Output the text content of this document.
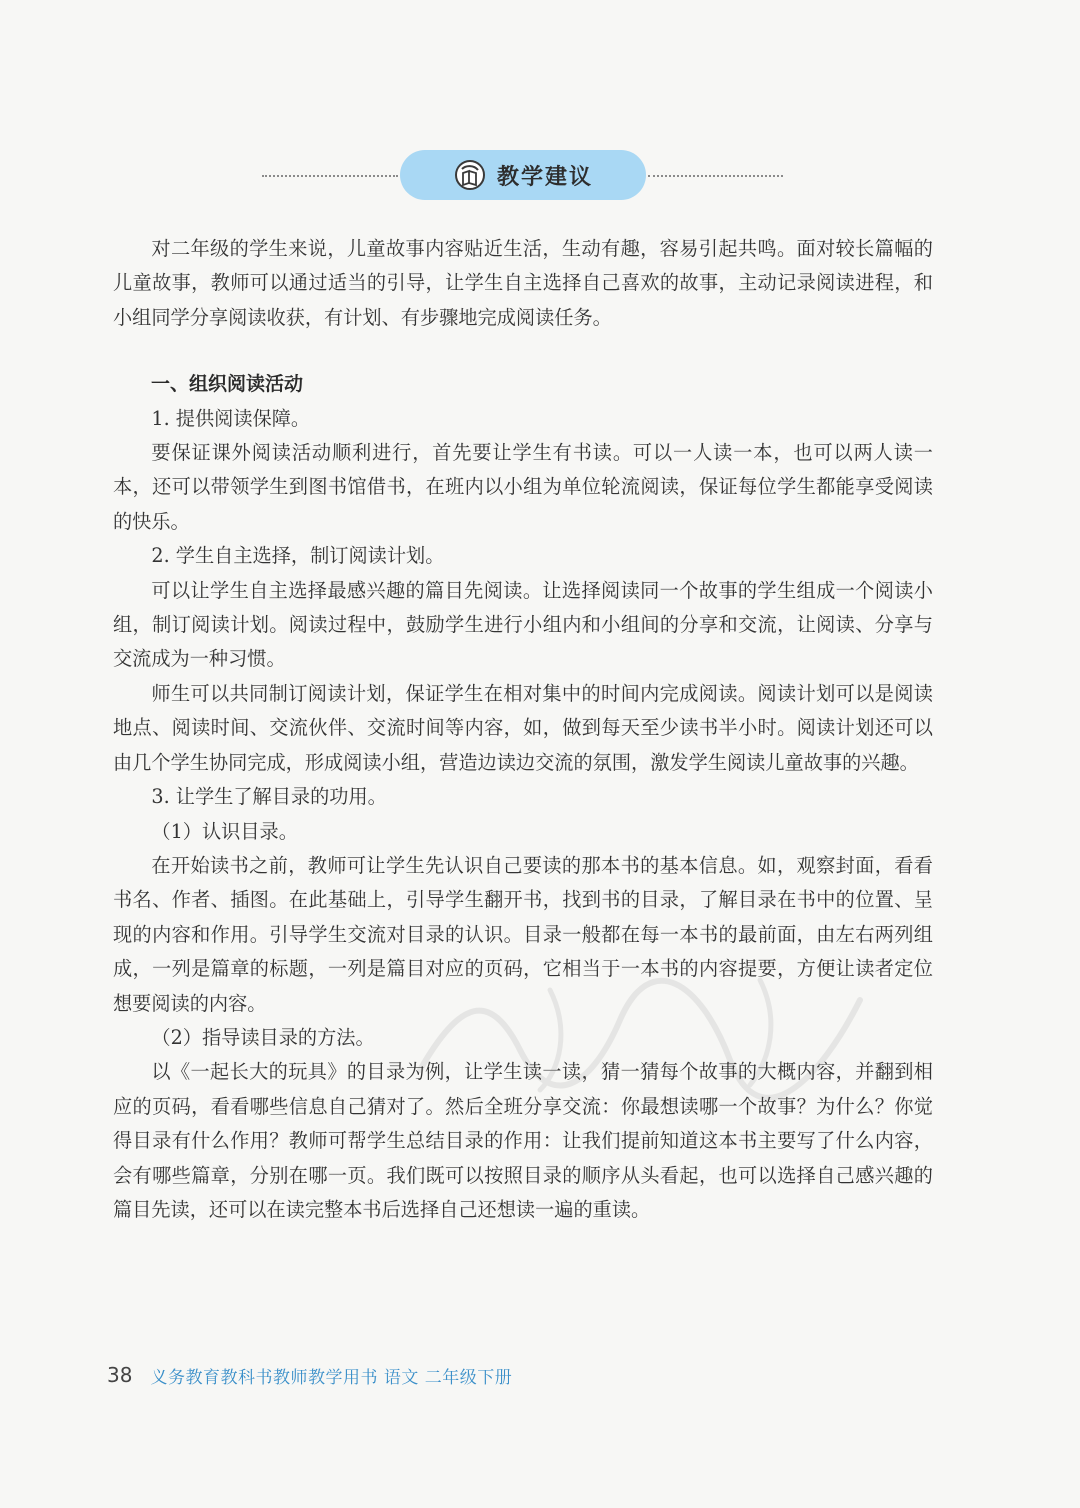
教学建议

对二年级的学生来说，儿童故事内容贴近生活，生动有趣，容易引起共鸣。面对较长篇幅的儿童故事，教师可以通过适当的引导，让学生自主选择自己喜欢的故事，主动记录阅读进程，和小组同学分享阅读收获，有计划、有步骤地完成阅读任务。

一、组织阅读活动

1. 提供阅读保障。

要保证课外阅读活动顺利进行，首先要让学生有书读。可以一人读一本，也可以两人读一本，还可以带领学生到图书馆借书，在班内以小组为单位轮流阅读，保证每位学生都能享受阅读的快乐。

2. 学生自主选择，制订阅读计划。

可以让学生自主选择最感兴趣的篇目先阅读。让选择阅读同一个故事的学生组成一个阅读小组，制订阅读计划。阅读过程中，鼓励学生进行小组内和小组间的分享和交流，让阅读、分享与交流成为一种习惯。

师生可以共同制订阅读计划，保证学生在相对集中的时间内完成阅读。阅读计划可以是阅读地点、阅读时间、交流伙伴、交流时间等内容，如，做到每天至少读书半小时。阅读计划还可以由几个学生协同完成，形成阅读小组，营造边读边交流的氛围，激发学生阅读儿童故事的兴趣。

3. 让学生了解目录的功用。

（1）认识目录。

在开始读书之前，教师可让学生先认识自己要读的那本书的基本信息。如，观察封面，看看书名、作者、插图。在此基础上，引导学生翻开书，找到书的目录，了解目录在书中的位置、呈现的内容和作用。引导学生交流对目录的认识。目录一般都在每一本书的最前面，由左右两列组成，一列是篇章的标题，一列是篇目对应的页码，它相当于一本书的内容提要，方便让读者定位想要阅读的内容。

（2）指导读目录的方法。

以《一起长大的玩具》的目录为例，让学生读一读，猜一猜每个故事的大概内容，并翻到相应的页码，看看哪些信息自己猜对了。然后全班分享交流：你最想读哪一个故事？为什么？你觉得目录有什么作用？教师可帮学生总结目录的作用：让我们提前知道这本书主要写了什么内容，会有哪些篇章，分别在哪一页。我们既可以按照目录的顺序从头看起，也可以选择自己感兴趣的篇目先读，还可以在读完整本书后选择自己还想读一遍的重读。

38 义务教育教科书教师教学用书 语文 二年级下册
